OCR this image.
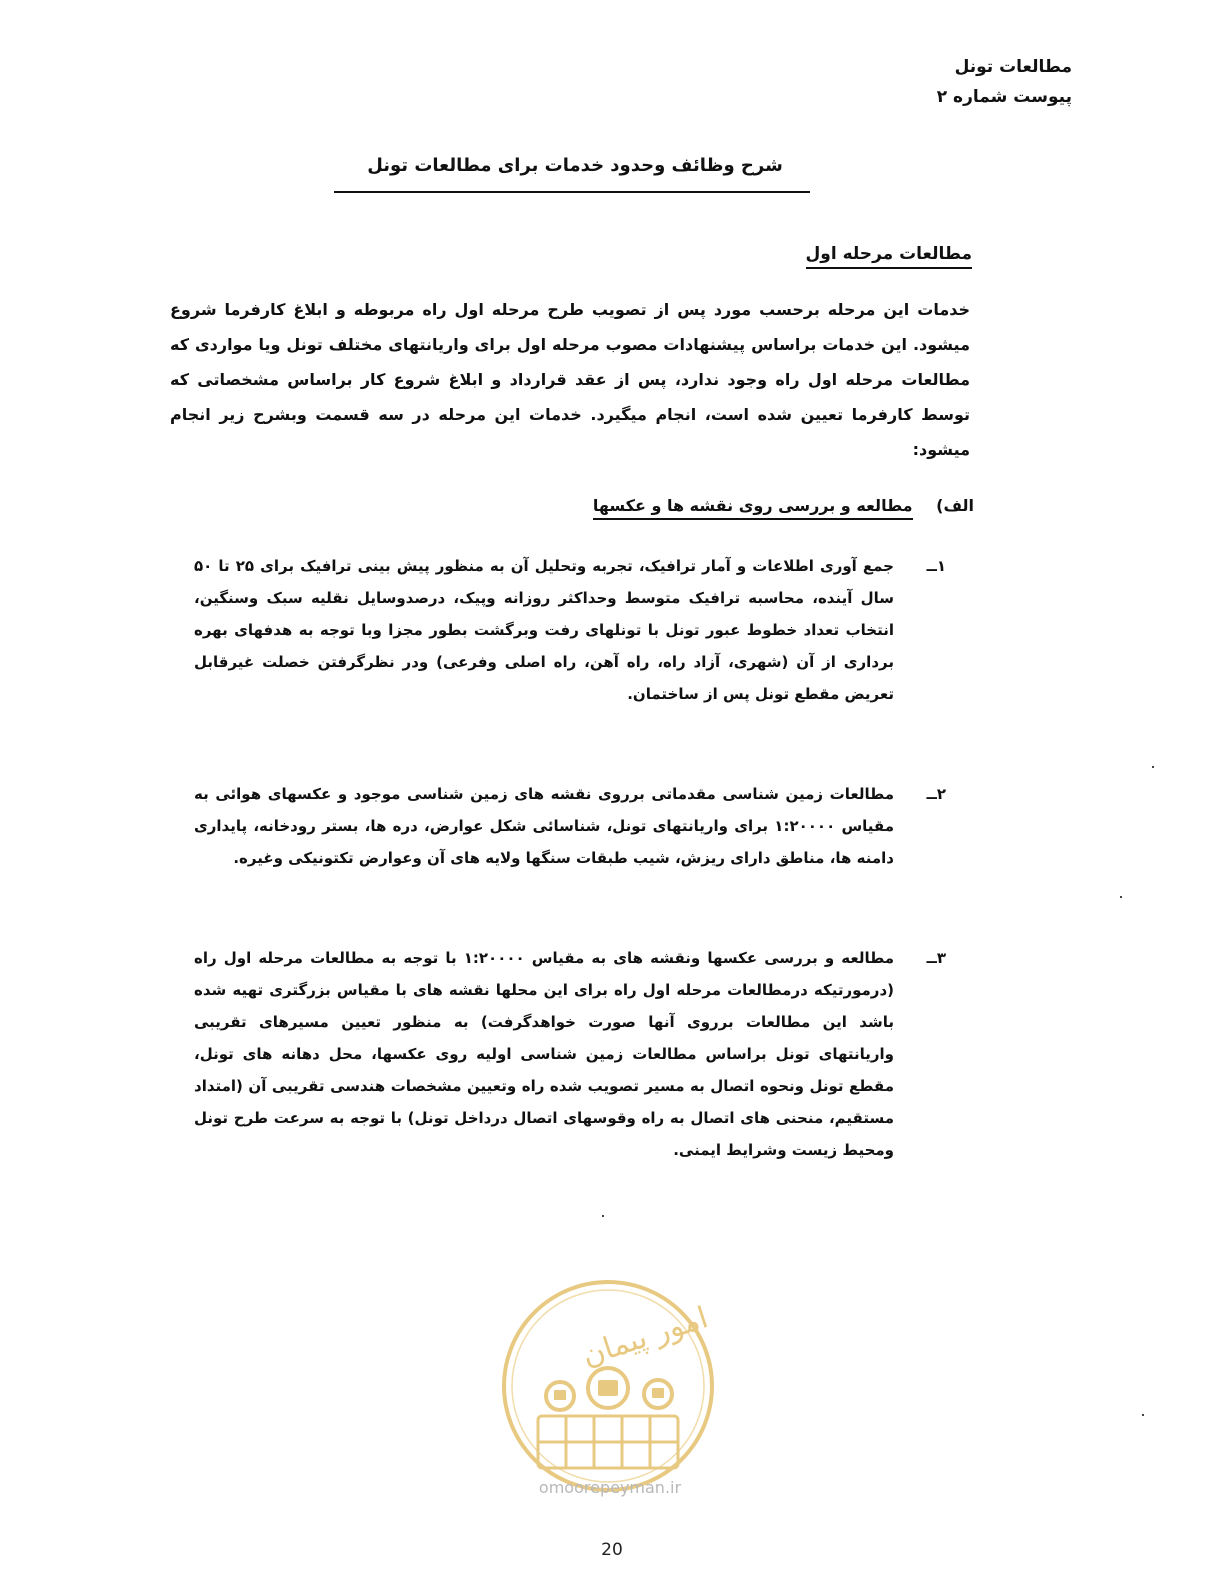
مطالعات تونل
پیوست شماره ۲
شرح وظائف وحدود خدمات برای مطالعات تونل
مطالعات مرحله اول
خدمات این مرحله برحسب مورد پس از تصویب طرح مرحله اول راه مربوطه و ابلاغ کارفرما شروع میشود. این خدمات براساس پیشنهادات مصوب مرحله اول برای واریانتهای مختلف تونل ویا مواردی که مطالعات مرحله اول راه وجود ندارد، پس از عقد قرارداد و ابلاغ شروع کار براساس مشخصاتی که توسط کارفرما تعیین شده است، انجام میگیرد. خدمات این مرحله در سه قسمت وبشرح زیر انجام میشود:
الف) مطالعه و بررسی روی نقشه ها و عکسها
۱ــ
جمع آوری اطلاعات و آمار ترافیک، تجربه وتحلیل آن به منظور پیش بینی ترافیک برای ۲۵ تا ۵۰ سال آینده، محاسبه ترافیک متوسط وحداکثر روزانه وپیک، درصدوسایل نقلیه سبک وسنگین، انتخاب تعداد خطوط عبور تونل با تونلهای رفت وبرگشت بطور مجزا وبا توجه به هدفهای بهره برداری از آن (شهری، آزاد راه، راه آهن، راه اصلی وفرعی) ودر نظرگرفتن خصلت غیرقابل تعریض مقطع تونل پس از ساختمان.
۲ــ
مطالعات زمین شناسی مقدماتی برروی نقشه های زمین شناسی موجود و عکسهای هوائی به مقیاس ۱:۲۰۰۰۰ برای واریانتهای تونل، شناسائی شکل عوارض، دره ها، بستر رودخانه، پایداری دامنه ها، مناطق دارای ریزش، شیب طبقات سنگها ولایه های آن وعوارض تکتونیکی وغیره.
۳ــ
مطالعه و بررسی عکسها ونقشه های به مقیاس ۱:۲۰۰۰۰ با توجه به مطالعات مرحله اول راه (درمورتیکه درمطالعات مرحله اول راه برای این محلها نقشه های با مقیاس بزرگتری تهیه شده باشد این مطالعات برروی آنها صورت خواهدگرفت) به منظور تعیین مسیرهای تقریبی واریانتهای تونل براساس مطالعات زمین شناسی اولیه روی عکسها، محل دهانه های تونل، مقطع تونل ونحوه اتصال به مسیر تصویب شده راه وتعیین مشخصات هندسی تقریبی آن (امتداد مستقیم، منحنی های اتصال به راه وقوسهای اتصال درداخل تونل) با توجه به سرعت طرح تونل ومحیط زیست وشرایط ایمنی.
امور پیمان
omoorepeyman.ir
20
